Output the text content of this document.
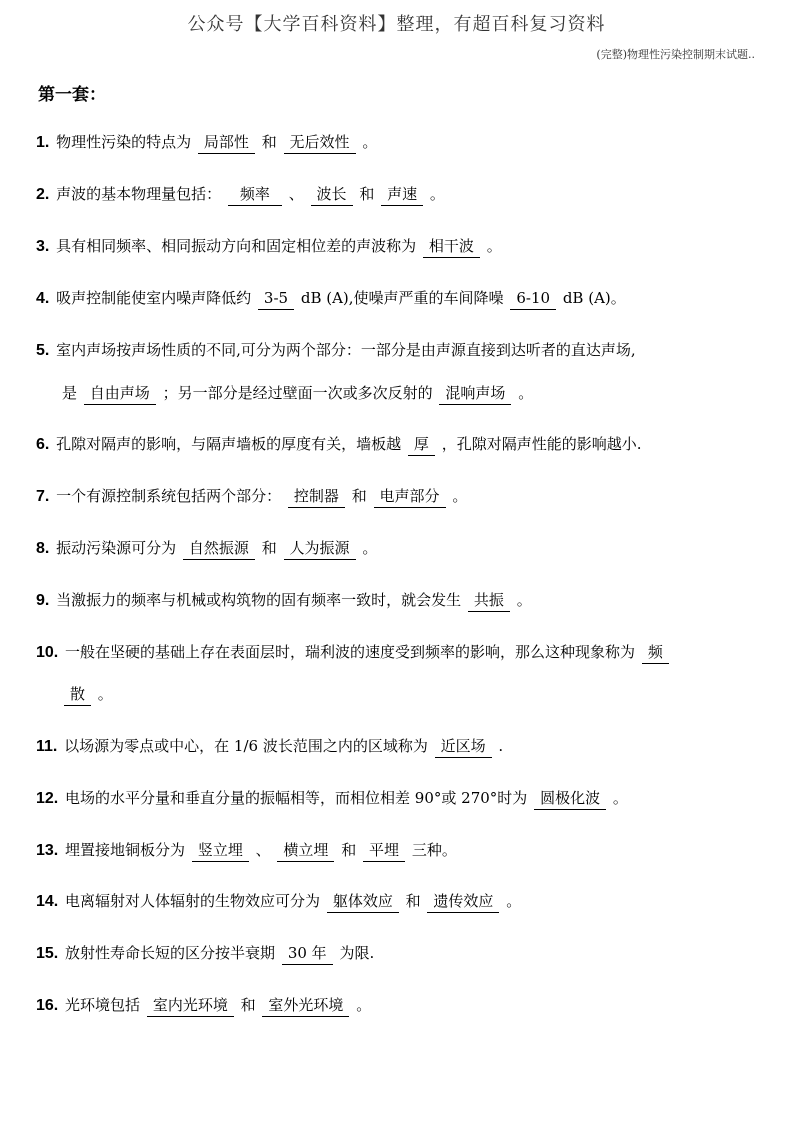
公众号【大学百科资料】整理，有超百科复习资料
(完整)物理性污染控制期末试题..
第一套：
1. 物理性污染的特点为 局部性 和 无后效性 。
2. 声波的基本物理量包括： 频率 、 波长 和 声速 。
3. 具有相同频率、相同振动方向和固定相位差的声波称为 相干波 。
4. 吸声控制能使室内噪声降低约 3-5 dB (A),使噪声严重的车间降噪 6-10 dB (A)。
5. 室内声场按声场性质的不同,可分为两个部分：一部分是由声源直接到达听者的直达声场,
是 自由声场 ；另一部分是经过壁面一次或多次反射的 混响声场 。
6. 孔隙对隔声的影响，与隔声墙板的厚度有关，墙板越 厚 ，孔隙对隔声性能的影响越小.
7. 一个有源控制系统包括两个部分： 控制器 和 电声部分 。
8. 振动污染源可分为 自然振源 和 人为振源 。
9. 当激振力的频率与机械或构筑物的固有频率一致时，就会发生 共振 。
10. 一般在坚硬的基础上存在表面层时，瑞利波的速度受到频率的影响，那么这种现象称为 频
散 。
11. 以场源为零点或中心，在 1/6 波长范围之内的区域称为 近区场 .
12. 电场的水平分量和垂直分量的振幅相等，而相位相差 90°或 270°时为 圆极化波 。
13. 埋置接地铜板分为 竖立埋 、 横立埋 和 平埋 三种。
14. 电离辐射对人体辐射的生物效应可分为 躯体效应 和 遗传效应 。
15. 放射性寿命长短的区分按半衰期 30 年 为限.
16. 光环境包括 室内光环境 和 室外光环境 。
